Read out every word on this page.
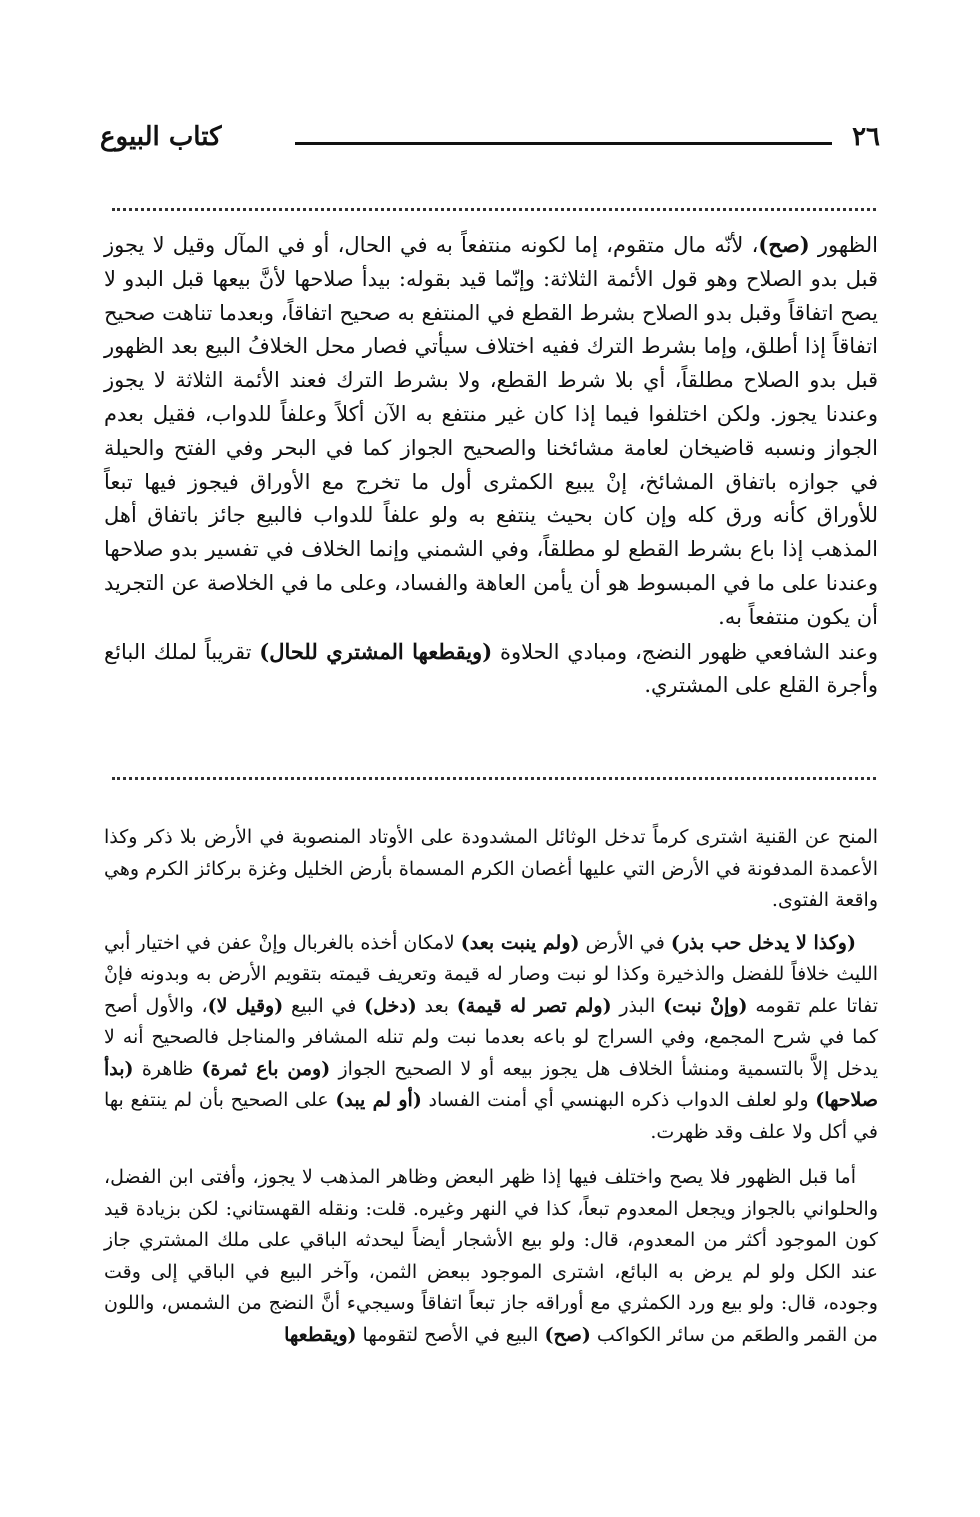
٢٦
كتاب البيوع

الظهور (صح)، لأنّه مال متقوم، إما لكونه منتفعاً به في الحال، أو في المآل وقيل لا يجوز قبل بدو الصلاح وهو قول الأئمة الثلاثة: وإنّما قيد بقوله: بيدأ صلاحها لأنَّ بيعها قبل البدو لا يصح اتفاقاً وقبل بدو الصلاح بشرط القطع في المنتفع به صحيح اتفاقاً، وبعدما تناهت صحيح اتفاقاً إذا أطلق، وإما بشرط الترك ففيه اختلاف سيأتي فصار محل الخلافُ البيع بعد الظهور قبل بدو الصلاح مطلقاً، أي بلا شرط القطع، ولا بشرط الترك فعند الأئمة الثلاثة لا يجوز وعندنا يجوز. ولكن اختلفوا فيما إذا كان غير منتفع به الآن أكلاً وعلفاً للدواب، فقيل بعدم الجواز ونسبه قاضيخان لعامة مشائخنا والصحيح الجواز كما في البحر وفي الفتح والحيلة في جوازه باتفاق المشائخ، إنْ يبيع الكمثرى أول ما تخرج مع الأوراق فيجوز فيها تبعاً للأوراق كأنه ورق كله وإن كان بحيث ينتفع به ولو علفاً للدواب فالبيع جائز باتفاق أهل المذهب إذا باع بشرط القطع لو مطلقاً، وفي الشمني وإنما الخلاف في تفسير بدو صلاحها وعندنا على ما في المبسوط هو أن يأمن العاهة والفساد، وعلى ما في الخلاصة عن التجريد أن يكون منتفعاً به.

وعند الشافعي ظهور النضج، ومبادي الحلاوة (ويقطعها المشتري للحال) تقريباً لملك البائع وأجرة القلع على المشتري.

المنح عن القنية اشترى كرماً تدخل الوثائل المشدودة على الأوتاد المنصوبة في الأرض بلا ذكر وكذا الأعمدة المدفونة في الأرض التي عليها أغصان الكرم المسماة بأرض الخليل وغزة بركائز الكرم وهي واقعة الفتوى.

(وكذا لا يدخل حب بذر) في الأرض (ولم ينبت بعد) لامكان أخذه بالغربال وإنْ عفن في اختيار أبي الليث خلافاً للفضل والذخيرة وكذا لو نبت وصار له قيمة وتعريف قيمته بتقويم الأرض به وبدونه فإنْ تفاتا علم تقومه (وإنْ نبت) البذر (ولم تصر له قيمة) بعد (دخل) في البيع (وقيل لا)، والأول أصح كما في شرح المجمع، وفي السراج لو باعه بعدما نبت ولم تنله المشافر والمناجل فالصحيح أنه لا يدخل إلاَّ بالتسمية ومنشأ الخلاف هل يجوز بيعه أو لا الصحيح الجواز (ومن باع ثمرة) ظاهرة (بدأ صلاحها) ولو لعلف الدواب ذكره البهنسي أي أمنت الفساد (أو لم يبد) على الصحيح بأن لم ينتفع بها في أكل ولا علف وقد ظهرت.

أما قبل الظهور فلا يصح واختلف فيها إذا ظهر البعض وظاهر المذهب لا يجوز، وأفتى ابن الفضل، والحلواني بالجواز ويجعل المعدوم تبعاً، كذا في النهر وغيره. قلت: ونقله القهستاني: لكن بزيادة قيد كون الموجود أكثر من المعدوم، قال: ولو بيع الأشجار أيضاً ليحدثه الباقي على ملك المشتري جاز عند الكل ولو لم يرض به البائع، اشترى الموجود ببعض الثمن، وآخر البيع في الباقي إلى وقت وجوده، قال: ولو بيع ورد الكمثري مع أوراقه جاز تبعاً اتفاقاً وسيجيء أنَّ النضج من الشمس، واللون من القمر والطعَم من سائر الكواكب (صح) البيع في الأصح لتقومها (ويقطعها
